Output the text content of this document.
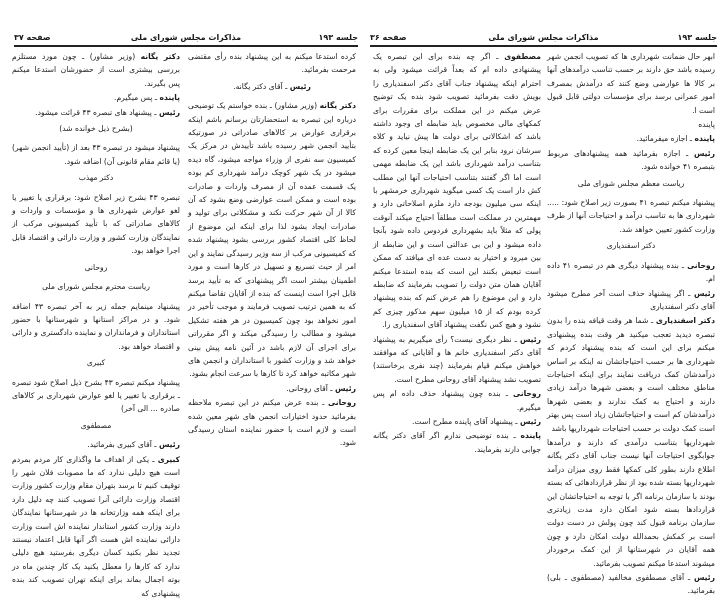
جلسه ۱۹۳
مذاکرات مجلس شورای ملی
صفحه ۳۷

کرده استدعا میکنم به این پیشنهاد بنده رأی مقتضی مرحمت بفرمائید.

رئیس ـ آقای دکتر یگانه.

دکتر یگانه (وزیر مشاور) ـ بنده خواستم یک توضیحی درباره این تبصره به استحضارتان برسانم باشم اینکه برقراری عوارض بر کالاهای صادراتی در صورتیکه بتأیید انجمن شهر رسیده باشد تأییدش در مرکز یک کمیسیون سه نفری از وزراء مواجه میشود، گاه دیده میشود در یک شهر کوچک درآمد شهرداری کم بوده یک قسمت عمده آن از مصرف واردات و صادرات بوده است و ممکن است عوارضی وضع بشود که آن کالا از آن شهر حرکت نکند و مشکلاتی برای تولید و صادرات ایجاد بشود لذا برای اینکه این موضوع از لحاظ کلی اقتصاد کشور بررسی بشود پیشنهاد شده که کمیسیونی مرکب از سه وزیر رسیدگی نمایند و این امر از حیث تسریع و تسهیل در کارها است و مورد اطمینان بیشتر است اگر پیشنهادی که به تأیید برسد قابل اجرا است اینست که بنده از آقایان تقاضا میکنم که به همین ترتیب تصویب فرمایند و موجب تأخیر در امور نخواهد بود چون کمیسیون در هر هفته تشکیل میشود و مطالب را رسیدگی میکند و اگر مقرراتی برای اجرای آن لازم باشد در آئین نامه پیش بینی خواهد شد و وزارت کشور با استانداران و انجمن های شهر مکاتبه خواهد کرد تا کارها با سرعت انجام بشود.

رئیس ـ آقای روحانی.

روحانی ـ بنده عرض میکنم در این تبصره ملاحظه بفرمائید حدود اختیارات انجمن های شهر معین شده است و لازم است با حضور نماینده استان رسیدگی شود.

دکتر یگانه (وزیر مشاور) ـ چون مورد مستلزم بررسی بیشتری است از حضورشان استدعا میکنم پس بگیرند.

پاینده ـ پس میگیرم.

رئیس ـ پیشنهاد های تبصره ۴۳ قرائت میشود.

(بشرح ذیل خوانده شد)

پیشنهاد میشود در تبصره ۴۳ بعد از (تأیید انجمن شهر) (یا قائم مقام قانونی آن) اضافه شود.

دکتر مهذب

تبصره ۴۳ بشرح زیر اصلاح شود: برقراری یا تغییر یا لغو عوارض شهرداری ها و مؤسسات و واردات و کالاهای صادراتی که با تأیید کمیسیونی مرکب از نمایندگان وزارت کشور و وزارت دارائی و اقتصاد قابل اجرا خواهد بود.

روحانی

ریاست محترم مجلس شورای ملی

پیشنهاد مینمایم جمله زیر به آخر تبصره ۴۳ اضافه شود. و در مراکز استانها و شهرستانها با حضور استانداران و فرمانداران و نماینده دادگستری و دارائی و اقتصاد خواهد بود.

کبیری

پیشنهاد میکنم تبصره ۴۳ بشرح ذیل اصلاح شود تبصره ـ برقراری یا تغییر یا لغو عوارض شهرداری بر کالاهای صادره ... الی آخر)

مصطفوی

رئیس ـ آقای کبیری بفرمائید.

کبیری ـ یکی از اهداف ما واگذاری کار مردم بمردم است هیچ دلیلی ندارد که ما مصوبات فلان شهر را توقیف کنیم تا برسد بتهران مقام وزارت کشور وزارت اقتصاد وزارت دارائی آنرا تصویب کنند چه دلیل دارد برای اینکه همه وزارتخانه ها در شهرستانها نمایندگان دارند وزارت کشور استاندار نماینده اش است وزارت دارائی نماینده اش هست اگر آنها قابل اعتماد نیستند تجدید نظر بکنید کسان دیگری بفرستید هیچ دلیلی ندارد که کارها را معطل بکنید یک کار چندین ماه در بوته اجمال بماند برای اینکه تهران تصویب کند بنده پیشنهادی که

جلسه ۱۹۳
مذاکرات مجلس شورای ملی
صفحه ۳۶

ابهر حال ضمانت شهرداری ها که تصویب انجمن شهر رسیده باشد حق دارند بر حسب تناسب درآمدهای آنها بر کالا ها عوارضی وضع کنند که درآمدش بمصرف امور عمرانی برسد برای مؤسسات دولتی قابل قبول است ا.

پاینده

پاینده ـ اجازه میفرمائید.

رئیس ـ اجازه بفرمائید همه پیشنهادهای مربوط بتبصره ۴۱ خوانده شود.

ریاست معظم مجلس شورای ملی

پیشنهاد میکنم تبصره ۴۱ بصورت زیر اصلاح شود: ..... شهرداری ها به تناسب درآمد و احتیاجات آنها از طرف وزارت کشور تعیین خواهد شد.

دکتر اسفندیاری

روحانی ـ بنده پیشنهاد دیگری هم در تبصره ۴۱ داده ام.

رئیس ـ اگر پیشنهاد حذف است آخر مطرح میشود آقای دکتر اسفندیاری

دکتر اسفندیاری ـ شما هر وقت قیافه بنده را بدون تبصره دیدید تعجب میکنید هر وقت بنده پیشنهادی میکنم برای این است که بنده پیشنهاد کردم که شهرداری ها بر حسب احتیاجاتشان نه اینکه بر اساس درآمدشان کمک دریافت نمایند برای اینکه احتیاجات مناطق مختلف است و بعضی شهرها درآمد زیادی دارند و احتیاج به کمک ندارند و بعضی شهرها درآمدشان کم است و احتیاجاتشان زیاد است پس بهتر است کمک دولت بر حسب احتیاجات شهرداریها باشد

شهرداریها بتناسب درآمدی که دارند و درآمدها جوابگوی احتیاجات آنها نیست جناب آقای دکتر یگانه اطلاع دارند بطور کلی کمکها فقط روی میزان درآمد شهرداریها بسته شده بود از نظر قراردادهائی که بسته بودند با سازمان برنامه اگر با توجه به احتیاجاتشان این قراردادها بسته شود امکان دارد مدت زیادتری سازمان برنامه قبول کند چون پولش در دست دولت است بر کمکش بحمدالله دولت امکان دارد و چون همه آقایان در شهرستانها از این کمک برخوردار میشوند استدعا میکنم تصویب بفرمائید.

رئیس ـ آقای مصطفوی مخالفید (مصطفوی ـ بلی) بفرمائید.

مصطفوی ـ اگر چه بنده برای این تبصره یک پیشنهادی داده ام که بعداً قرائت میشود ولی به احترام اینکه پیشنهاد جناب آقای دکتر اسفندیاری را بویش دقت بفرمائید تصویب شود بنده یک توضیح عرض میکنم در این مملکت برای مقررات برای کمکهای مالی مخصوص باید ضابطه ای وجود داشته باشد که اشکالاتی برای دولت ها پیش نیاید و کلاه سرشان نرود بنابر این یک ضابطه اینجا معین کرده که بتناسب درآمد شهرداری باشد این یک ضابطه مهمی است اما اگر گفتند بتناسب احتیاجات آنها این مطلب کش دار است یک کسی میگوید شهرداری خرمشهر با اینکه سی میلیون بودجه دارد ملزم اصلاحاتی دارد و مهمترین در مملکت است مطلقاً احتیاج میکند آنوقت پولی که مثلاً باید بشهرداری فردوس داده شود بآنجا داده میشود و این بی عدالتی است و این ضابطه از بین میرود و اختیار به دست عده ای میافتد که ممکن است تبعیض بکنند این است که بنده استدعا میکنم آقایان همان متن دولت را تصویب بفرمایند که ضابطه دارد و این موضوع را هم عرض کنم که بنده پیشنهاد کرده بودم که از ۱۵ میلیون سهم مذکور چیزی کم نشود و هیچ کس نگفت پیشنهاد آقای اسفندیاری را.

رئیس ـ نظر دیگری نیست؟ رأی میگیریم به پیشنهاد آقای دکتر اسفندیاری خانم ها و آقایانی که موافقند خواهش میکنم قیام بفرمایند (چند نفری برخاستند) تصویب نشد پیشنهاد آقای روحانی مطرح است.

روحانی ـ بنده چون پیشنهاد حذف داده ام پس میگیرم.

رئیس ـ پیشنهاد آقای پاینده مطرح است.

پاینده ـ بنده توضیحی ندارم اگر آقای دکتر یگانه جوابی دارند بفرمایند.
